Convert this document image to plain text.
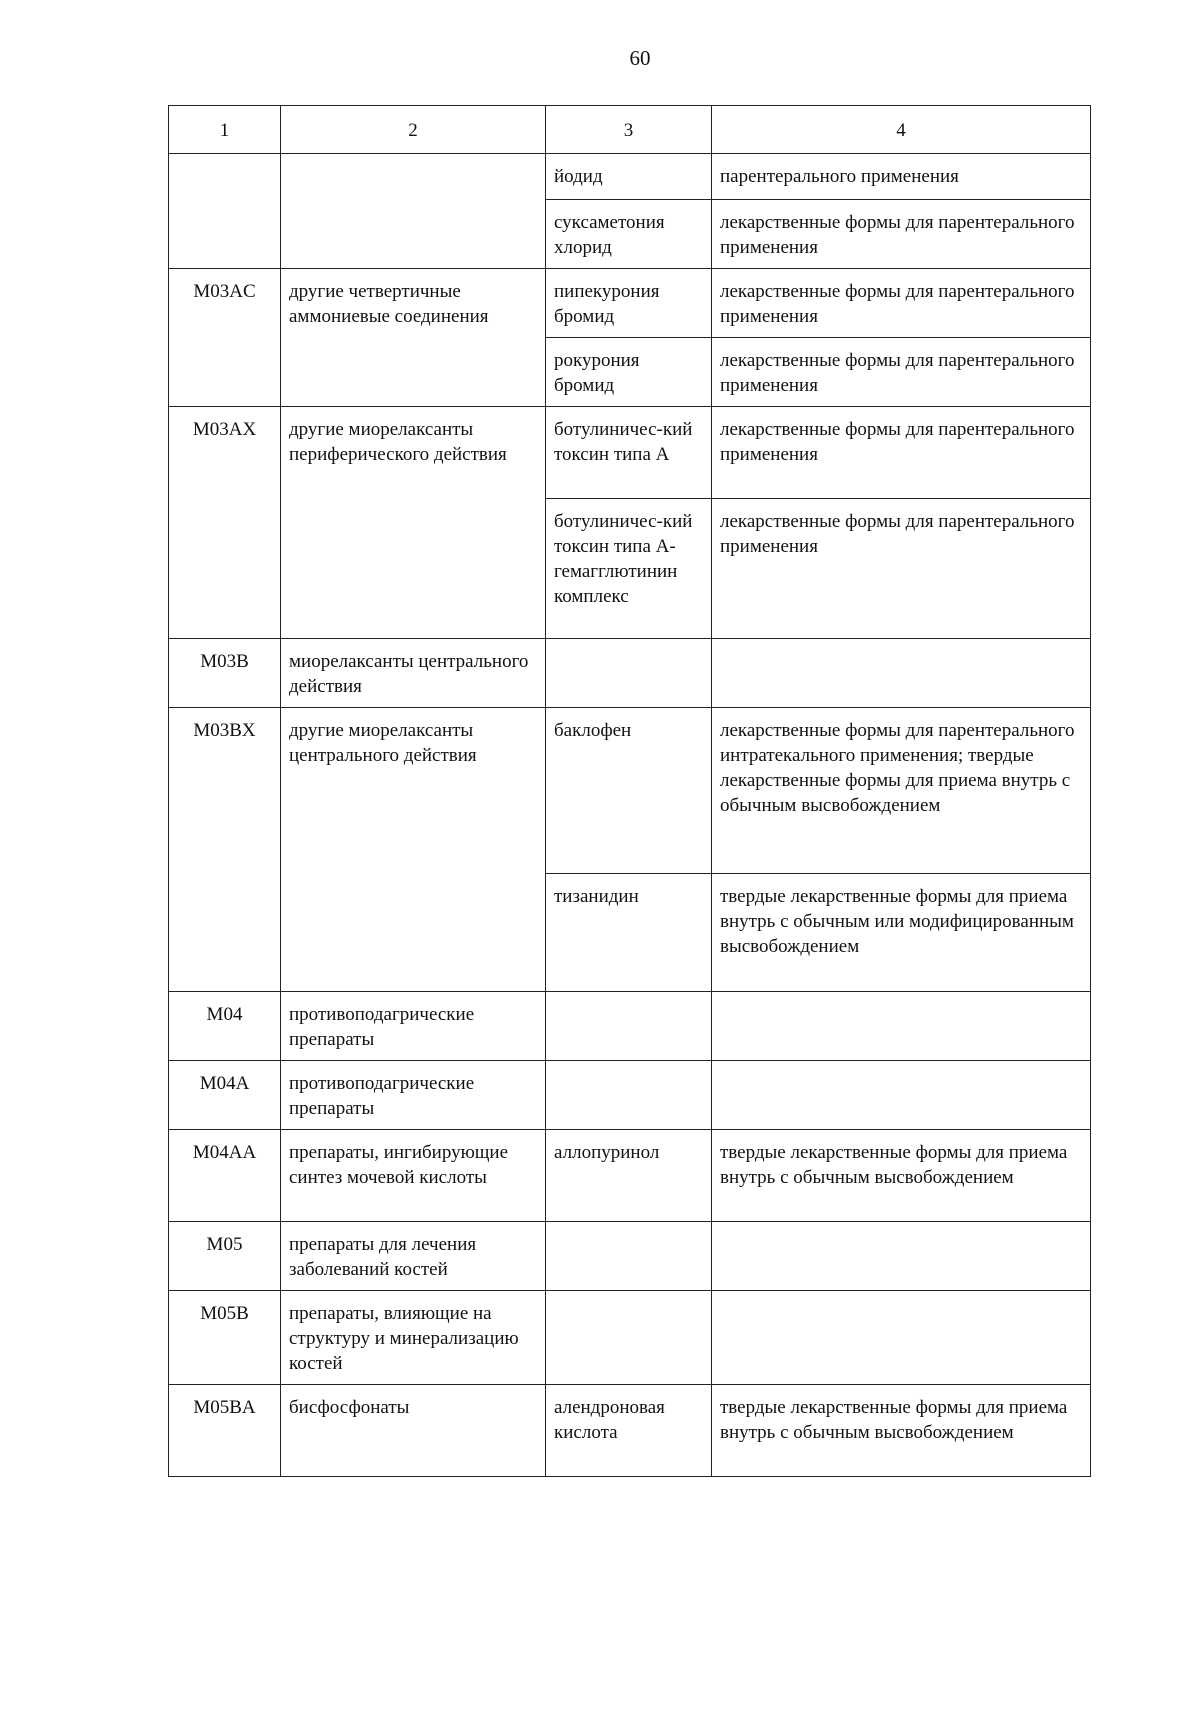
60
1	2	3	4
		йодид	парентерального применения
		суксаметония хлорид	лекарственные формы для парентерального применения
M03AC	другие четвертичные аммониевые соединения	пипекурония бромид	лекарственные формы для парентерального применения
		рокурония бромид	лекарственные формы для парентерального применения
M03AX	другие миорелаксанты периферического действия	ботулиничес-кий токсин типа А	лекарственные формы для парентерального применения
		ботулиничес-кий токсин типа А-гемагглютинин комплекс	лекарственные формы для парентерального применения
M03B	миорелаксанты центрального действия		
M03BX	другие миорелаксанты центрального действия	баклофен	лекарственные формы для парентерального интратекального применения; твердые лекарственные формы для приема внутрь с обычным высвобождением
		тизанидин	твердые лекарственные формы для приема внутрь с обычным или модифицированным высвобождением
M04	противоподагрические препараты		
M04A	противоподагрические препараты		
M04AA	препараты, ингибирующие синтез мочевой кислоты	аллопуринол	твердые лекарственные формы для приема внутрь с обычным высвобождением
M05	препараты для лечения заболеваний костей		
M05B	препараты, влияющие на структуру и минерализацию костей		
M05BA	бисфосфонаты	алендроновая кислота	твердые лекарственные формы для приема внутрь с обычным высвобождением
